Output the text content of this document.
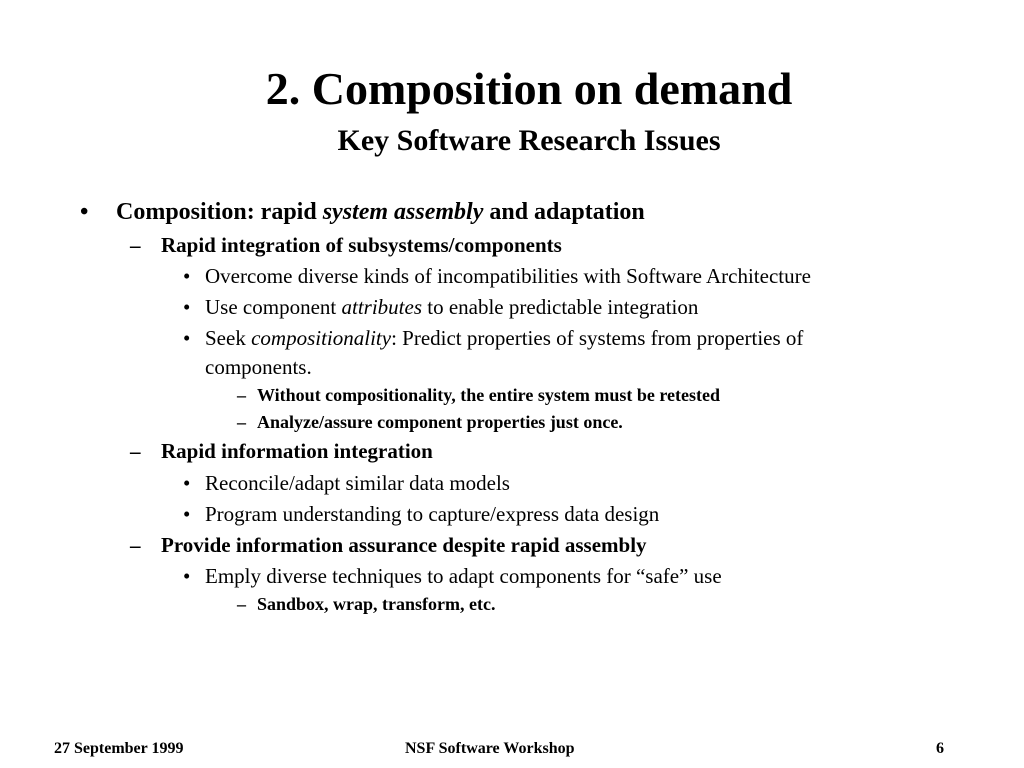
2. Composition on demand
Key Software Research Issues
• Composition: rapid system assembly and adaptation
– Rapid integration of subsystems/components
• Overcome diverse kinds of incompatibilities with Software Architecture
• Use component attributes to enable predictable integration
• Seek compositionality: Predict properties of systems from properties of
components.
– Without compositionality, the entire system must be retested
– Analyze/assure component properties just once.
– Rapid information integration
• Reconcile/adapt similar data models
• Program understanding to capture/express data design
– Provide information assurance despite rapid assembly
• Emply diverse techniques to adapt components for “safe” use
– Sandbox, wrap, transform, etc.
27 September 1999	NSF Software Workshop	6
